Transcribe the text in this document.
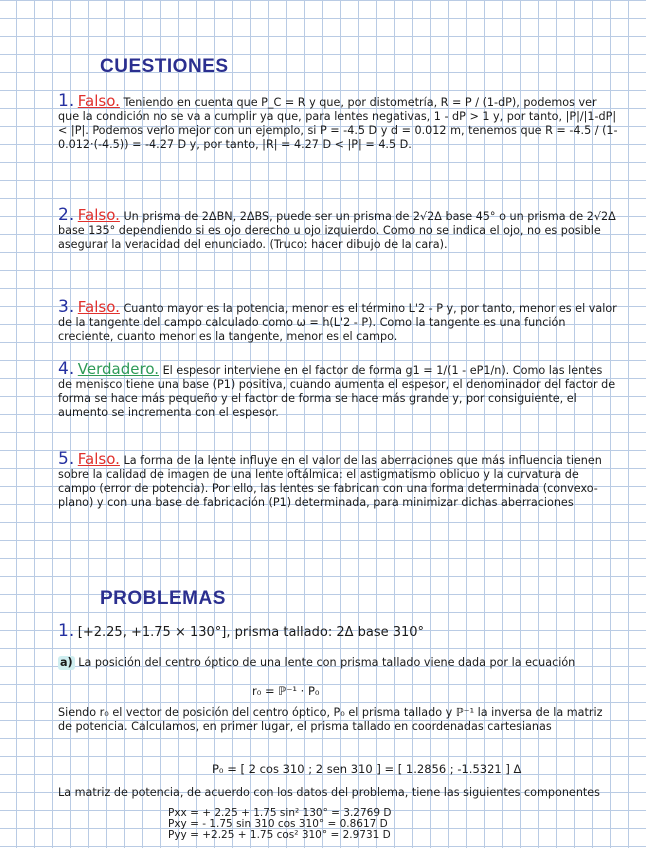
CUESTIONES
1. Falso. Teniendo en cuenta que P_C = R y que, por distometría, R = P / (1-dP), podemos ver que la condición no se va a cumplir ya que, para lentes negativas, 1 - dP > 1 y, por tanto, |P|/|1-dP| < |P|. Podemos verlo mejor con un ejemplo, si P = -4.5 D y d = 0.012 m, tenemos que R = -4.5 / (1-0.012·(-4.5)) = -4.27 D y, por tanto, |R| = 4.27 D < |P| = 4.5 D.
2. Falso. Un prisma de 2ΔBN, 2ΔBS, puede ser un prisma de 2√2Δ base 45° o un prisma de 2√2Δ base 135° dependiendo si es ojo derecho u ojo izquierdo. Como no se indica el ojo, no es posible asegurar la veracidad del enunciado. (Truco: hacer dibujo de la cara).
3. Falso. Cuanto mayor es la potencia, menor es el término L'2 - P y, por tanto, menor es el valor de la tangente del campo calculado como ω = h(L'2 - P). Como la tangente es una función creciente, cuanto menor es la tangente, menor es el campo.
4. Verdadero. El espesor interviene en el factor de forma g1 = 1/(1 - eP1/n). Como las lentes de menisco tiene una base (P1) positiva, cuando aumenta el espesor, el denominador del factor de forma se hace más pequeño y el factor de forma se hace más grande y, por consiguiente, el aumento se incrementa con el espesor.
5. Falso. La forma de la lente influye en el valor de las aberraciones que más influencia tienen sobre la calidad de imagen de una lente oftálmica: el astigmatismo oblicuo y la curvatura de campo (error de potencia). Por ello, las lentes se fabrican con una forma determinada (convexo-plano) y con una base de fabricación (P1) determinada, para minimizar dichas aberraciones
PROBLEMAS
1. [+2.25, +1.75 × 130°], prisma tallado: 2Δ base 310°
a) La posición del centro óptico de una lente con prisma tallado viene dada por la ecuación
r₀ = ℙ⁻¹ · P₀
Siendo r₀ el vector de posición del centro óptico, P₀ el prisma tallado y ℙ⁻¹ la inversa de la matriz de potencia. Calculamos, en primer lugar, el prisma tallado en coordenadas cartesianas
P₀ = [ 2 cos 310 ; 2 sen 310 ] = [ 1.2856 ; -1.5321 ] Δ
La matriz de potencia, de acuerdo con los datos del problema, tiene las siguientes componentes
Pxx = + 2.25 + 1.75 sin² 130° = 3.2769 D
Pxy = - 1.75 sin 310 cos 310° = 0.8617 D
Pyy = +2.25 + 1.75 cos² 310° = 2.9731 D
